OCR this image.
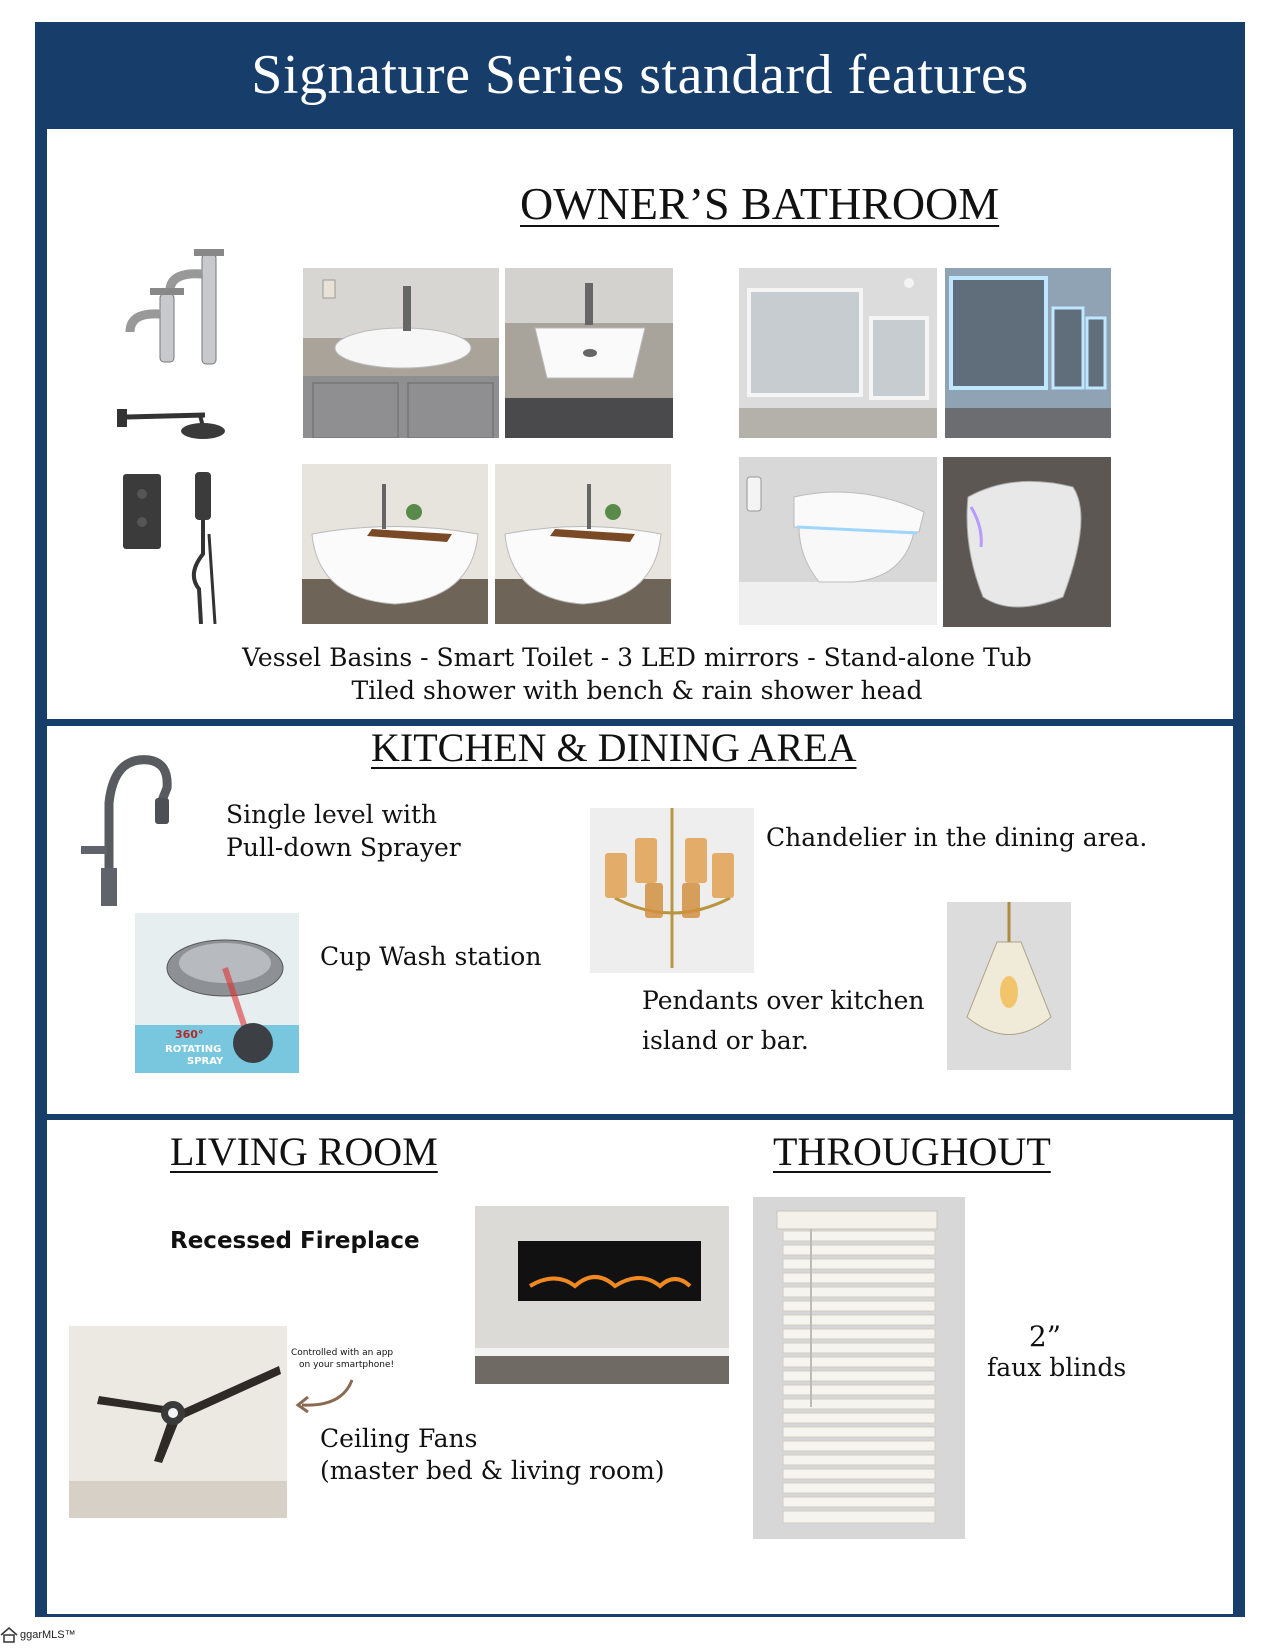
Signature Series standard features
OWNER’S BATHROOM
Vessel Basins - Smart Toilet - 3 LED mirrors - Stand-alone Tub
Tiled shower with bench & rain shower head
KITCHEN & DINING AREA
Single level with
Pull-down Sprayer
360°
ROTATING
SPRAY
Cup Wash station
Chandelier in the dining area.
Pendants over kitchen
island or bar.
LIVING ROOM	THROUGHOUT
Recessed Fireplace
Controlled with an app
on your smartphone!
Ceiling Fans
(master bed & living room)
2”
faux blinds
ggarMLS™
